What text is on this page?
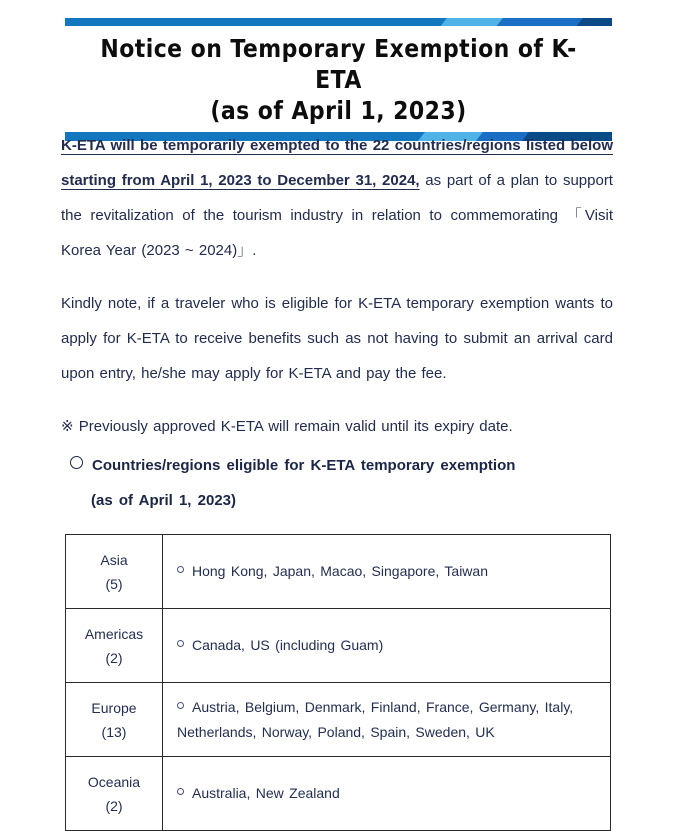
Notice on Temporary Exemption of K-ETA
(as of April 1, 2023)

K-ETA will be temporarily exempted to the 22 countries/regions listed below starting from April 1, 2023 to December 31, 2024, as part of a plan to support the revitalization of the tourism industry in relation to commemorating 「Visit Korea Year (2023 ~ 2024)」.

Kindly note, if a traveler who is eligible for K-ETA temporary exemption wants to apply for K-ETA to receive benefits such as not having to submit an arrival card upon entry, he/she may apply for K-ETA and pay the fee.

※ Previously approved K-ETA will remain valid until its expiry date.

Countries/regions eligible for K-ETA temporary exemption
(as of April 1, 2023)
Asia
(5)	Hong Kong, Japan, Macao, Singapore, Taiwan

Americas
(2)	Canada, US (including Guam)

Europe
(13)	Austria, Belgium, Denmark, Finland, France, Germany, Italy, Netherlands, Norway, Poland, Spain, Sweden, UK

Oceania
(2)	Australia, New Zealand
